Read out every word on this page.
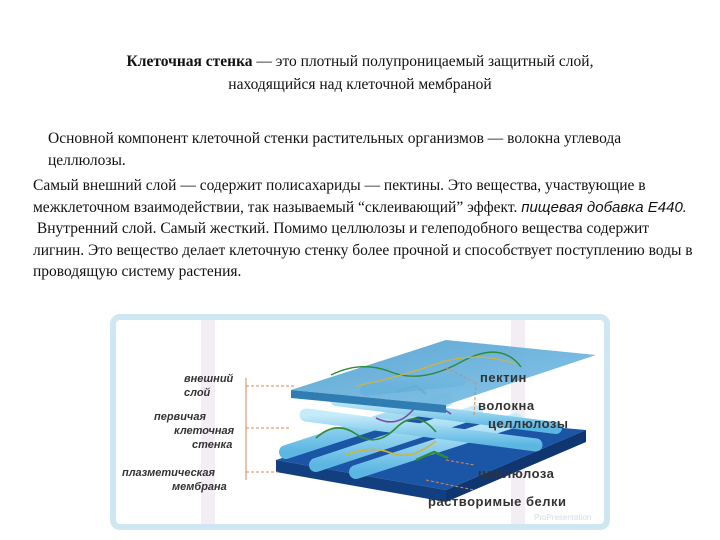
Клеточная стенка — это плотный полупроницаемый защитный слой,
находящийся над клеточной мембраной
Основной компонент клеточной стенки растительных организмов — волокна углевода целлюлозы.
Самый внешний слой — содержит полисахариды — пектины. Это вещества, участвующие в межклеточном взаимодействии, так называемый “склеивающий” эффект. пищевая добавка Е440.
Внутренний слой. Самый жесткий. Помимо целлюлозы и гелеподобного вещества содержит лигнин. Это вещество делает клеточную стенку более прочной и способствует поступлению воды в проводящую систему растения.
внешний
слой
первичая
клеточная
стенка
плазметическая
мембрана
пектин
волокна
целлюлозы
целлюлоза
растворимые белки
ProPresentation
